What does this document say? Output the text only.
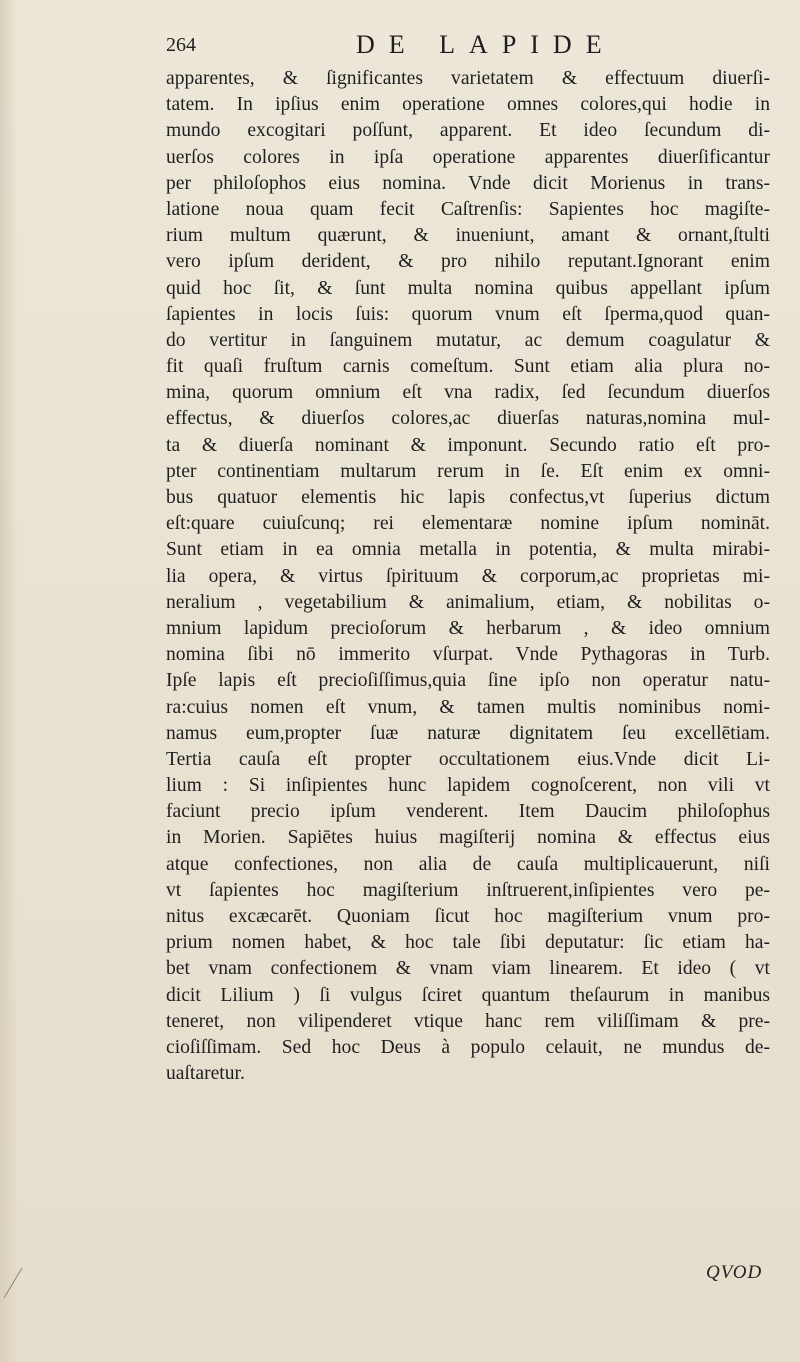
264	DE LAPIDE
apparentes, & ſignificantes varietatem & effectuum diuerſi-
tatem. In ipſius enim operatione omnes colores,qui hodie in
mundo excogitari poſſunt, apparent. Et ideo ſecundum di-
uerſos colores in ipſa operatione apparentes diuerſificantur
per philoſophos eius nomina. Vnde dicit Morienus in trans-
latione noua quam fecit Caſtrenſis: Sapientes hoc magiſte-
rium multum quærunt, & inueniunt, amant & ornant,ſtulti
vero ipſum derident, & pro nihilo reputant.Ignorant enim
quid hoc ſit, & ſunt multa nomina quibus appellant ipſum
ſapientes in locis ſuis: quorum vnum eſt ſperma,quod quan-
do vertitur in ſanguinem mutatur, ac demum coagulatur &
fit quaſi fruſtum carnis comeſtum. Sunt etiam alia plura no-
mina, quorum omnium eſt vna radix, ſed ſecundum diuerſos
effectus, & diuerſos colores,ac diuerſas naturas,nomina mul-
ta & diuerſa nominant & imponunt. Secundo ratio eſt pro-
pter continentiam multarum rerum in ſe. Eſt enim ex omni-
bus quatuor elementis hic lapis confectus,vt ſuperius dictum
eſt:quare cuiuſcunq; rei elementaræ nomine ipſum nomināt.
Sunt etiam in ea omnia metalla in potentia, & multa mirabi-
lia opera, & virtus ſpirituum & corporum,ac proprietas mi-
neralium , vegetabilium & animalium, etiam, & nobilitas o-
mnium lapidum precioſorum & herbarum , & ideo omnium
nomina ſibi nō immerito vſurpat. Vnde Pythagoras in Turb.
Ipſe lapis eſt precioſiſſimus,quia ſine ipſo non operatur natu-
ra:cuius nomen eſt vnum, & tamen multis nominibus nomi-
namus eum,propter ſuæ naturæ dignitatem ſeu excellētiam.
Tertia cauſa eſt propter occultationem eius.Vnde dicit Li-
lium : Si inſipientes hunc lapidem cognoſcerent, non vili vt
faciunt precio ipſum venderent. Item Daucim philoſophus
in Morien. Sapiētes huius magiſterij nomina & effectus eius
atque confectiones, non alia de cauſa multiplicauerunt, niſi
vt ſapientes hoc magiſterium inſtruerent,inſipientes vero pe-
nitus excæcarēt. Quoniam ſicut hoc magiſterium vnum pro-
prium nomen habet, & hoc tale ſibi deputatur: ſic etiam ha-
bet vnam confectionem & vnam viam linearem. Et ideo ( vt
dicit Lilium ) ſi vulgus ſciret quantum theſaurum in manibus
teneret, non vilipenderet vtique hanc rem viliſſimam & pre-
cioſiſſimam. Sed hoc Deus à populo celauit, ne mundus de-
uaſtaretur.
QVOD
